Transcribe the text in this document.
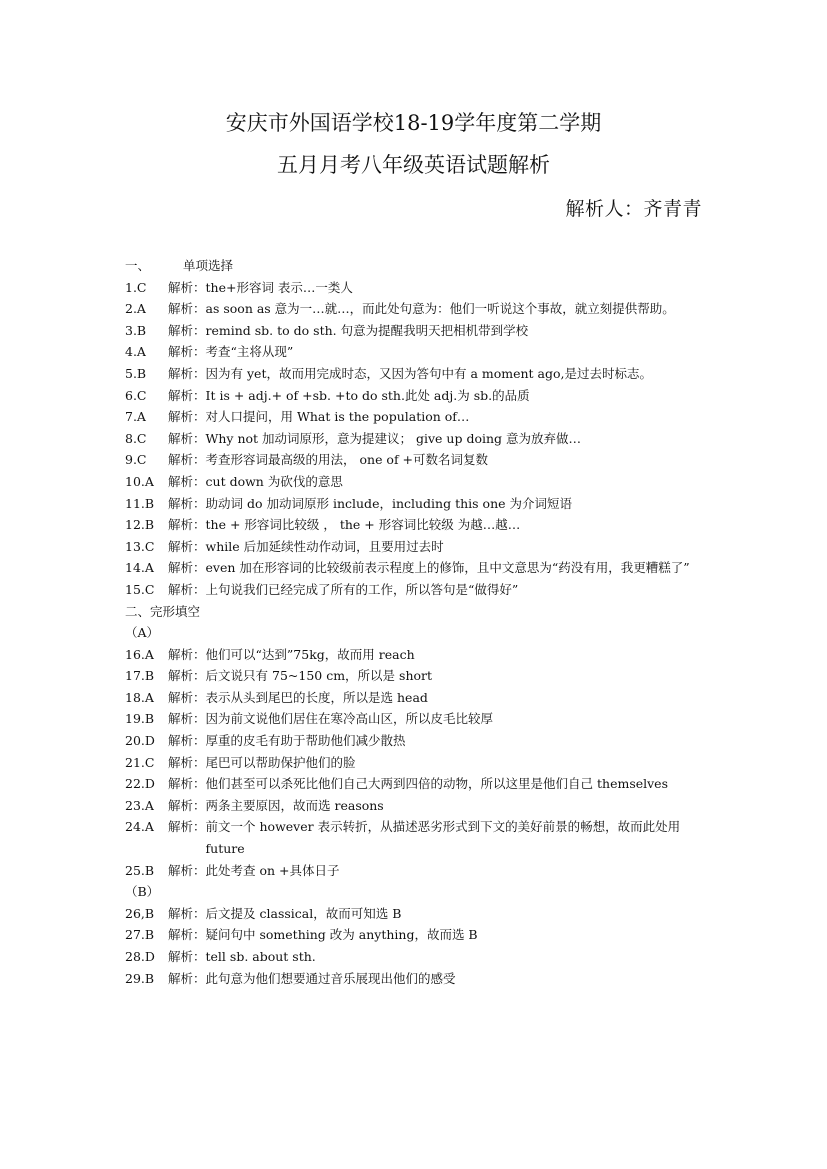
安庆市外国语学校18-19学年度第二学期
五月月考八年级英语试题解析
解析人：齐青青
一、	单项选择
1.C	解析： the+形容词 表示…一类人
2.A	解析： as soon as 意为一…就…，而此处句意为：他们一听说这个事故，就立刻提供帮助。
3.B	解析： remind sb. to do sth. 句意为提醒我明天把相机带到学校
4.A	解析： 考查“主将从现”
5.B	解析： 因为有 yet，故而用完成时态，又因为答句中有 a moment ago,是过去时标志。
6.C	解析： It is + adj.+ of +sb. +to do sth.此处 adj.为 sb.的品质
7.A	解析： 对人口提问，用 What is the population of…
8.C	解析： Why not 加动词原形，意为提建议； give up doing 意为放弃做…
9.C	解析： 考查形容词最高级的用法， one of +可数名词复数
10.A	解析： cut down 为砍伐的意思
11.B	解析： 助动词 do 加动词原形 include，including this one 为介词短语
12.B	解析： the + 形容词比较级 ， the + 形容词比较级 为越…越…
13.C	解析： while 后加延续性动作动词，且要用过去时
14.A	解析： even 加在形容词的比较级前表示程度上的修饰，且中文意思为“药没有用，我更糟糕了”
15.C	解析： 上句说我们已经完成了所有的工作，所以答句是“做得好”
二、完形填空
（A）
16.A	解析： 他们可以“达到”75kg，故而用 reach
17.B	解析： 后文说只有 75~150 cm，所以是 short
18.A	解析： 表示从头到尾巴的长度，所以是选 head
19.B	解析： 因为前文说他们居住在寒冷高山区，所以皮毛比较厚
20.D	解析： 厚重的皮毛有助于帮助他们减少散热
21.C	解析： 尾巴可以帮助保护他们的脸
22.D	解析： 他们甚至可以杀死比他们自己大两到四倍的动物，所以这里是他们自己 themselves
23.A	解析： 两条主要原因，故而选 reasons
24.A	解析： 前文一个 however 表示转折，从描述恶劣形式到下文的美好前景的畅想，故而此处用 future
25.B	解析： 此处考查 on +具体日子
（B）
26,B	解析： 后文提及 classical，故而可知选 B
27.B	解析： 疑问句中 something 改为 anything，故而选 B
28.D	解析： tell sb. about sth.
29.B	解析： 此句意为他们想要通过音乐展现出他们的感受
